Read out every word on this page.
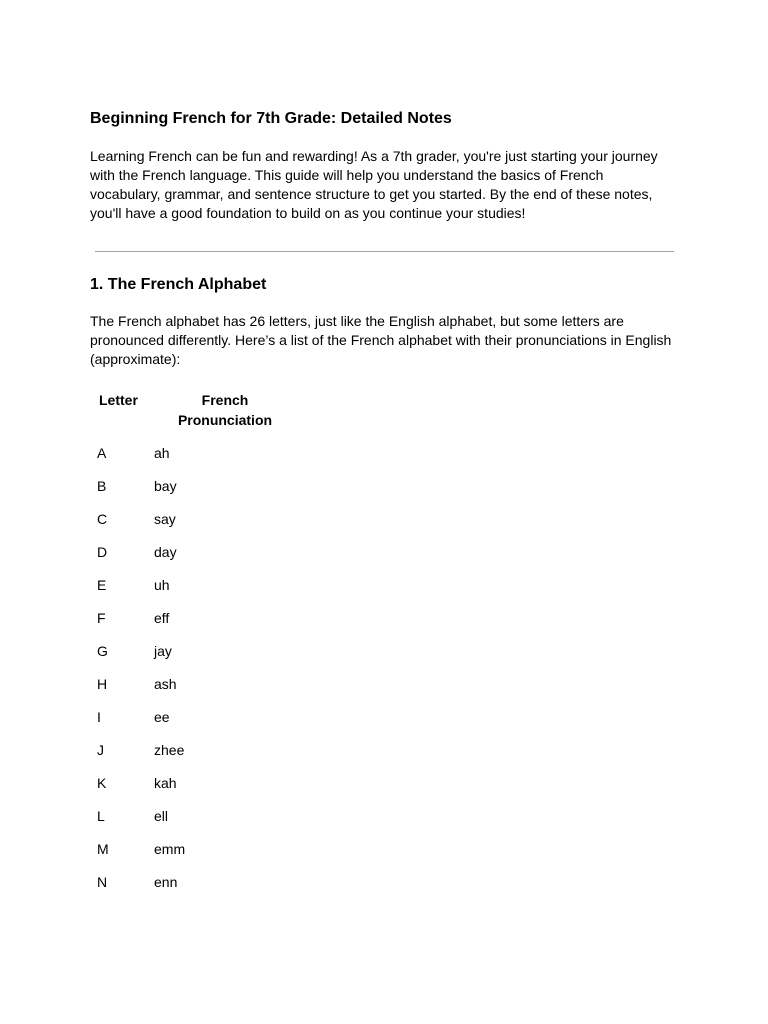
Beginning French for 7th Grade: Detailed Notes

Learning French can be fun and rewarding! As a 7th grader, you're just starting your journey with the French language. This guide will help you understand the basics of French vocabulary, grammar, and sentence structure to get you started. By the end of these notes, you'll have a good foundation to build on as you continue your studies!

1. The French Alphabet

The French alphabet has 26 letters, just like the English alphabet, but some letters are pronounced differently. Here’s a list of the French alphabet with their pronunciations in English (approximate):

Letter	French Pronunciation
A	ah
B	bay
C	say
D	day
E	uh
F	eff
G	jay
H	ash
I	ee
J	zhee
K	kah
L	ell
M	emm
N	enn
